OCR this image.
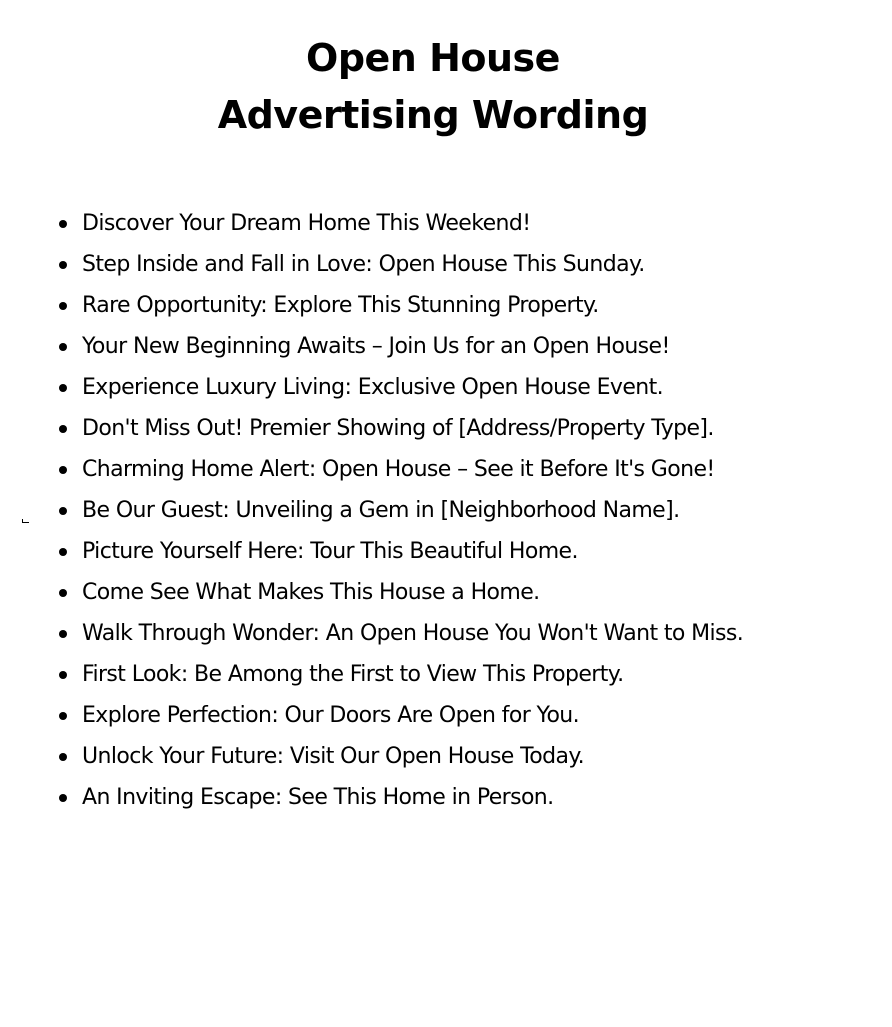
Open House
Advertising Wording
Discover Your Dream Home This Weekend!
Step Inside and Fall in Love: Open House This Sunday.
Rare Opportunity: Explore This Stunning Property.
Your New Beginning Awaits – Join Us for an Open House!
Experience Luxury Living: Exclusive Open House Event.
Don't Miss Out! Premier Showing of [Address/Property Type].
Charming Home Alert: Open House – See it Before It's Gone!
Be Our Guest: Unveiling a Gem in [Neighborhood Name].
Picture Yourself Here: Tour This Beautiful Home.
Come See What Makes This House a Home.
Walk Through Wonder: An Open House You Won't Want to Miss.
First Look: Be Among the First to View This Property.
Explore Perfection: Our Doors Are Open for You.
Unlock Your Future: Visit Our Open House Today.
An Inviting Escape: See This Home in Person.
